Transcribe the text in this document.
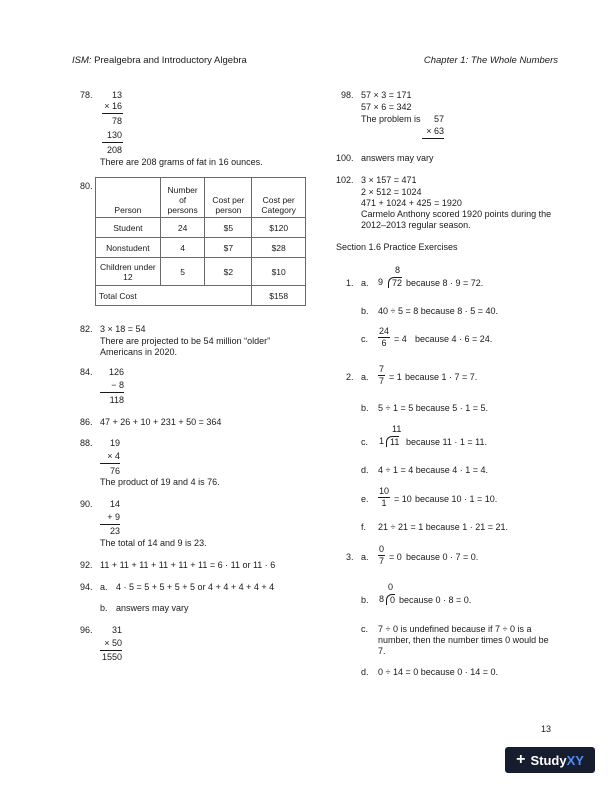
ISM: Prealgebra and Introductory Algebra	Chapter 1: The Whole Numbers
78.	13
× 16
78
130
208
There are 208 grams of fat in 16 ounces.
80.
Person	Number of persons	Cost per person	Cost per Category
Student	24	$5	$120
Nonstudent	4	$7	$28
Children under 12	5	$2	$10
Total Cost			$158
82. 3 × 18 = 54
There are projected to be 54 million “older”
Americans in 2020.
84.	126
− 8
118
86. 47 + 26 + 10 + 231 + 50 = 364
88.	19
× 4
76
The product of 19 and 4 is 76.
90.	14
+ 9
23
The total of 14 and 9 is 23.
92. 11 + 11 + 11 + 11 + 11 + 11 = 6 · 11 or 11 · 6
94. a. 4 · 5 = 5 + 5 + 5 + 5 or 4 + 4 + 4 + 4 + 4
b. answers may vary
96.	31
× 50
1550
98. 57 × 3 = 171
57 × 6 = 342
The problem is	57
× 63
100. answers may vary
102. 3 × 157 = 471
2 × 512 = 1024
471 + 1024 + 425 = 1920
Carmelo Anthony scored 1920 points during the
2012–2013 regular season.
Section 1.6 Practice Exercises
1. a.
8
9 72 because 8 · 9 = 72.
b. 40 ÷ 5 = 8 because 8 · 5 = 40.
c. $\frac{24}{6} = 4$ because 4 · 6 = 24.
2. a. $\frac{7}{7} = 1$ because 1 · 7 = 7.
b. 5 ÷ 1 = 5 because 5 · 1 = 5.
c.
11
1 11 because 11 · 1 = 11.
d. 4 ÷ 1 = 4 because 4 · 1 = 4.
e. $\frac{10}{1} = 10$ because 10 · 1 = 10.
f. 21 ÷ 21 = 1 because 1 · 21 = 21.
3. a. $\frac{0}{7} = 0$ because 0 · 7 = 0.
b.
0
8 0 because 0 · 8 = 0.
c. 7 ÷ 0 is undefined because if 7 ÷ 0 is a
number, then the number times 0 would be
7.
d. 0 ÷ 14 = 0 because 0 · 14 = 0.
13
+ StudyXY
